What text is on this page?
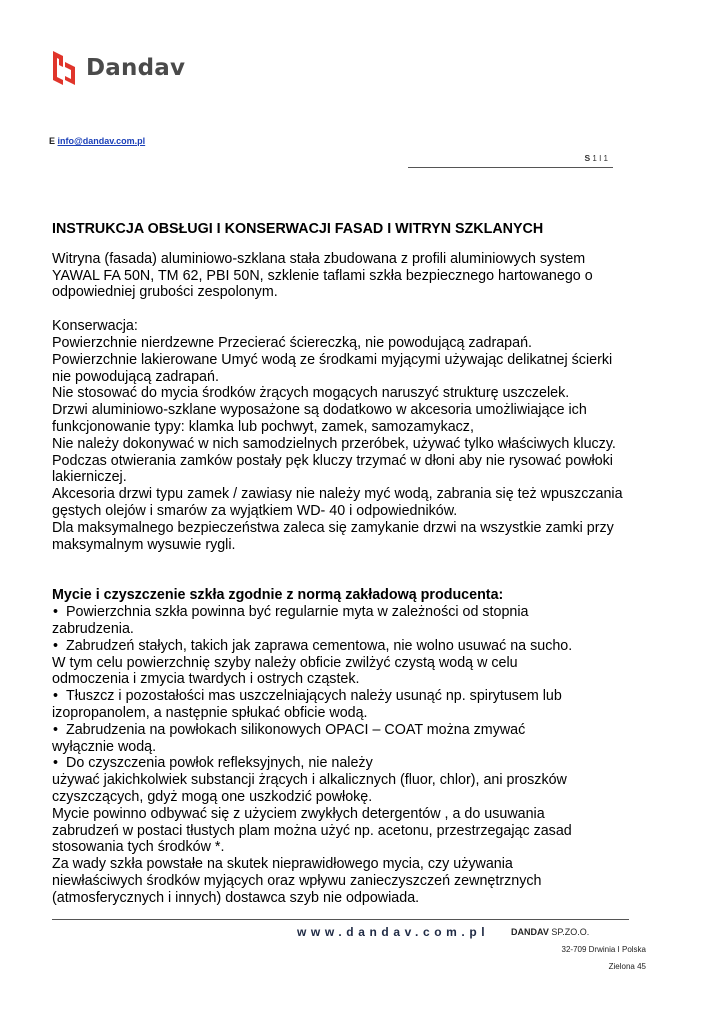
Dandav
E info@dandav.com.pl
S 1 I 1

INSTRUKCJA OBSŁUGI I KONSERWACJI FASAD I WITRYN SZKLANYCH

Witryna (fasada) aluminiowo-szklana stała zbudowana z profili aluminiowych system

YAWAL FA 50N, TM 62, PBI 50N, szklenie taflami szkła bezpiecznego hartowanego o

odpowiedniej grubości zespolonym.

Konserwacja:

Powierzchnie nierdzewne Przecierać ściereczką, nie powodującą zadrapań.

Powierzchnie lakierowane Umyć wodą ze środkami myjącymi używając delikatnej ścierki

nie powodującą zadrapań.

Nie stosować do mycia środków żrących mogących naruszyć strukturę uszczelek.

Drzwi aluminiowo-szklane wyposażone są dodatkowo w akcesoria umożliwiające ich

funkcjonowanie typy: klamka lub pochwyt, zamek, samozamykacz,

Nie należy dokonywać w nich samodzielnych przeróbek, używać tylko właściwych kluczy.

Podczas otwierania zamków postały pęk kluczy trzymać w dłoni aby nie rysować powłoki

lakierniczej.

Akcesoria drzwi typu zamek / zawiasy nie należy myć wodą, zabrania się też wpuszczania

gęstych olejów i smarów za wyjątkiem WD- 40 i odpowiedników.

Dla maksymalnego bezpieczeństwa zaleca się zamykanie drzwi na wszystkie zamki przy

maksymalnym wysuwie rygli.

Mycie i czyszczenie szkła zgodnie z normą zakładową producenta:

• Powierzchnia szkła powinna być regularnie myta w zależności od stopnia

zabrudzenia.

• Zabrudzeń stałych, takich jak zaprawa cementowa, nie wolno usuwać na sucho.

W tym celu powierzchnię szyby należy obficie zwilżyć czystą wodą w celu

odmoczenia i zmycia twardych i ostrych cząstek.

• Tłuszcz i pozostałości mas uszczelniających należy usunąć np. spirytusem lub

izopropanolem, a następnie spłukać obficie wodą.

• Zabrudzenia na powłokach silikonowych OPACI – COAT można zmywać

wyłącznie wodą.

• Do czyszczenia powłok refleksyjnych, nie należy

używać jakichkolwiek substancji żrących i alkalicznych (fluor, chlor), ani proszków

czyszczących, gdyż mogą one uszkodzić powłokę.

Mycie powinno odbywać się z użyciem zwykłych detergentów , a do usuwania

zabrudzeń w postaci tłustych plam można użyć np. acetonu, przestrzegając zasad

stosowania tych środków *.

Za wady szkła powstałe na skutek nieprawidłowego mycia, czy używania

niewłaściwych środków myjących oraz wpływu zanieczyszczeń zewnętrznych

(atmosferycznych i innych) dostawca szyb nie odpowiada.

www.dandav.com.pl DANDAV SP.ZO.O.
32-709 Drwinia I Polska
Zielona 45
